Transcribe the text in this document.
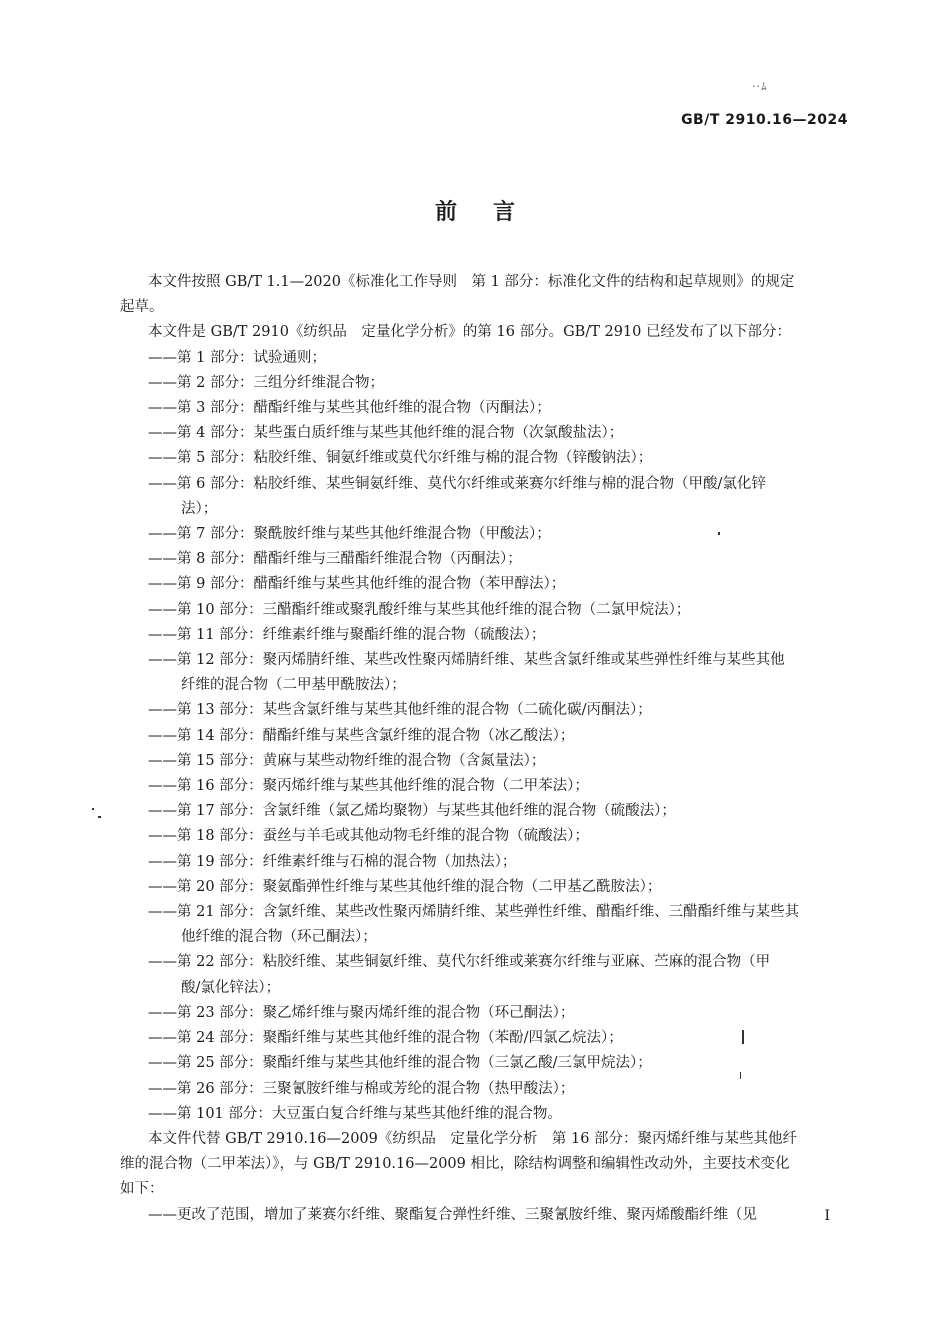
··ﾑ
GB/T 2910.16—2024
前言
本文件按照 GB/T 1.1—2020《标准化工作导则　第 1 部分：标准化文件的结构和起草规则》的规定
起草。
本文件是 GB/T 2910《纺织品　定量化学分析》的第 16 部分。GB/T 2910 已经发布了以下部分：
——第 1 部分：试验通则；
——第 2 部分：三组分纤维混合物；
——第 3 部分：醋酯纤维与某些其他纤维的混合物（丙酮法）；
——第 4 部分：某些蛋白质纤维与某些其他纤维的混合物（次氯酸盐法）；
——第 5 部分：粘胶纤维、铜氨纤维或莫代尔纤维与棉的混合物（锌酸钠法）；
——第 6 部分：粘胶纤维、某些铜氨纤维、莫代尔纤维或莱赛尔纤维与棉的混合物（甲酸/氯化锌
法）；
——第 7 部分：聚酰胺纤维与某些其他纤维混合物（甲酸法）；
——第 8 部分：醋酯纤维与三醋酯纤维混合物（丙酮法）；
——第 9 部分：醋酯纤维与某些其他纤维的混合物（苯甲醇法）；
——第 10 部分：三醋酯纤维或聚乳酸纤维与某些其他纤维的混合物（二氯甲烷法）；
——第 11 部分：纤维素纤维与聚酯纤维的混合物（硫酸法）；
——第 12 部分：聚丙烯腈纤维、某些改性聚丙烯腈纤维、某些含氯纤维或某些弹性纤维与某些其他
纤维的混合物（二甲基甲酰胺法）；
——第 13 部分：某些含氯纤维与某些其他纤维的混合物（二硫化碳/丙酮法）；
——第 14 部分：醋酯纤维与某些含氯纤维的混合物（冰乙酸法）；
——第 15 部分：黄麻与某些动物纤维的混合物（含氮量法）；
——第 16 部分：聚丙烯纤维与某些其他纤维的混合物（二甲苯法）；
——第 17 部分：含氯纤维（氯乙烯均聚物）与某些其他纤维的混合物（硫酸法）；
——第 18 部分：蚕丝与羊毛或其他动物毛纤维的混合物（硫酸法）；
——第 19 部分：纤维素纤维与石棉的混合物（加热法）；
——第 20 部分：聚氨酯弹性纤维与某些其他纤维的混合物（二甲基乙酰胺法）；
——第 21 部分：含氯纤维、某些改性聚丙烯腈纤维、某些弹性纤维、醋酯纤维、三醋酯纤维与某些其
他纤维的混合物（环己酮法）；
——第 22 部分：粘胶纤维、某些铜氨纤维、莫代尔纤维或莱赛尔纤维与亚麻、苎麻的混合物（甲
酸/氯化锌法）；
——第 23 部分：聚乙烯纤维与聚丙烯纤维的混合物（环己酮法）；
——第 24 部分：聚酯纤维与某些其他纤维的混合物（苯酚/四氯乙烷法）；
——第 25 部分：聚酯纤维与某些其他纤维的混合物（三氯乙酸/三氯甲烷法）；
——第 26 部分：三聚氰胺纤维与棉或芳纶的混合物（热甲酸法）；
——第 101 部分：大豆蛋白复合纤维与某些其他纤维的混合物。
本文件代替 GB/T 2910.16—2009《纺织品　定量化学分析　第 16 部分：聚丙烯纤维与某些其他纤
维的混合物（二甲苯法）》，与 GB/T 2910.16—2009 相比，除结构调整和编辑性改动外，主要技术变化
如下：
——更改了范围，增加了莱赛尔纤维、聚酯复合弹性纤维、三聚氰胺纤维、聚丙烯酸酯纤维（见	I
